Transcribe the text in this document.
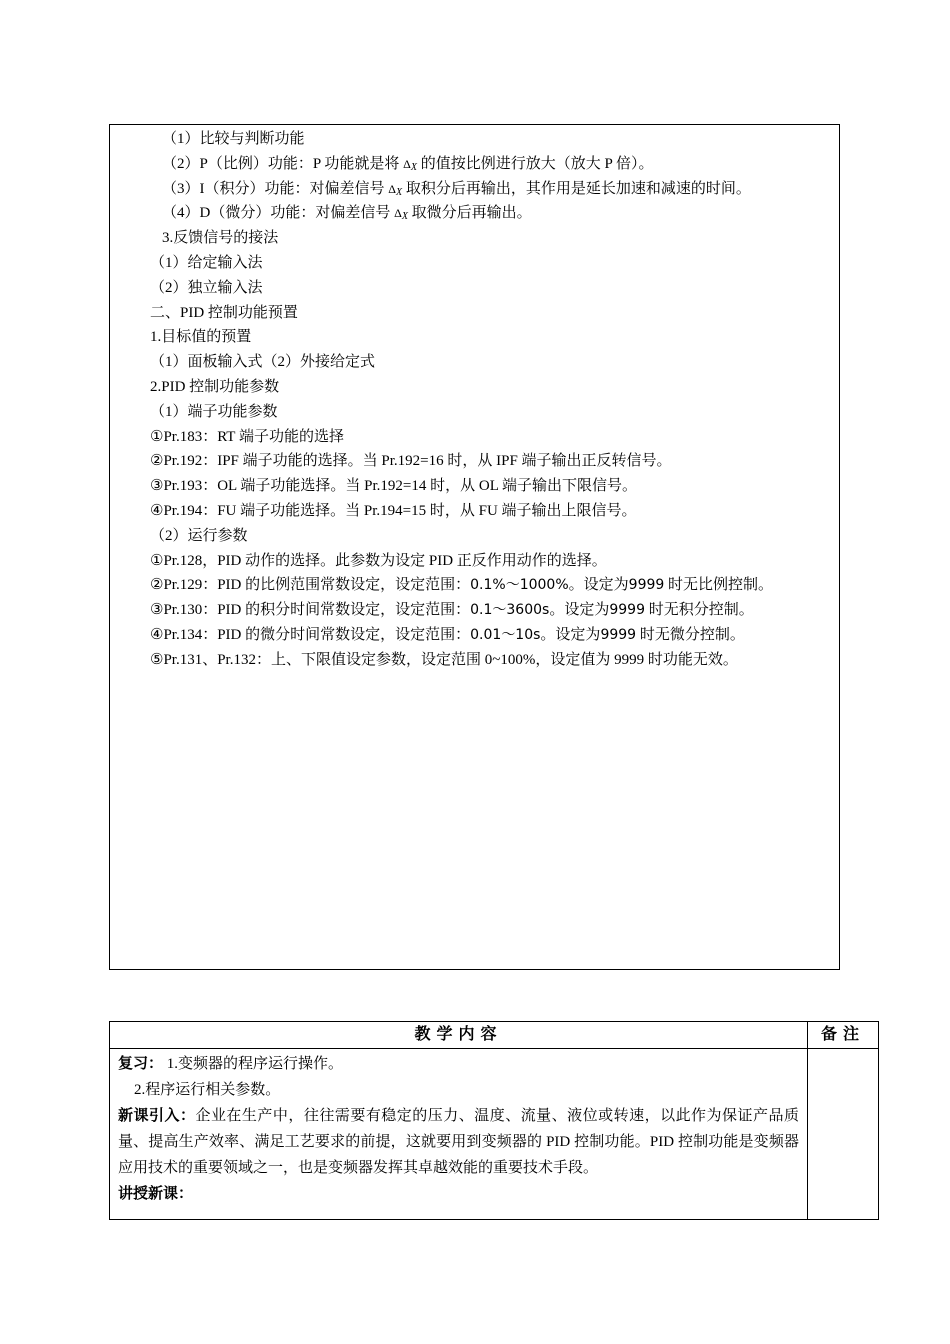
（1）比较与判断功能
（2）P（比例）功能：P 功能就是将 $\Delta_X$ 的值按比例进行放大（放大 P 倍）。
（3）I（积分）功能：对偏差信号 $\Delta_X$ 取积分后再输出，其作用是延长加速和减速的时间。
（4）D（微分）功能：对偏差信号 $\Delta_X$ 取微分后再输出。
3.反馈信号的接法
（1）给定输入法
（2）独立输入法
二、PID 控制功能预置
1.目标值的预置
（1）面板输入式（2）外接给定式
2.PID 控制功能参数
（1）端子功能参数
①Pr.183：RT 端子功能的选择
②Pr.192：IPF 端子功能的选择。当 Pr.192=16 时，从 IPF 端子输出正反转信号。
③Pr.193：OL 端子功能选择。当 Pr.192=14 时，从 OL 端子输出下限信号。
④Pr.194：FU 端子功能选择。当 Pr.194=15 时，从 FU 端子输出上限信号。
（2）运行参数
①Pr.128，PID 动作的选择。此参数为设定 PID 正反作用动作的选择。
②Pr.129：PID 的比例范围常数设定，设定范围：0.1%～1000%。设定为9999 时无比例控制。
③Pr.130：PID 的积分时间常数设定，设定范围：0.1～3600s。设定为9999 时无积分控制。
④Pr.134：PID 的微分时间常数设定，设定范围：0.01～10s。设定为9999 时无微分控制。
⑤Pr.131、Pr.132：上、下限值设定参数，设定范围 0~100%，设定值为 9999 时功能无效。
教学内容	备注

复习： 1.变频器的程序运行操作。
2.程序运行相关参数。
新课引入：企业在生产中，往往需要有稳定的压力、温度、流量、液位或转速，以此作为保证产品质量、提高生产效率、满足工艺要求的前提，这就要用到变频器的 PID 控制功能。PID 控制功能是变频器应用技术的重要领域之一，也是变频器发挥其卓越效能的重要技术手段。
讲授新课：	
